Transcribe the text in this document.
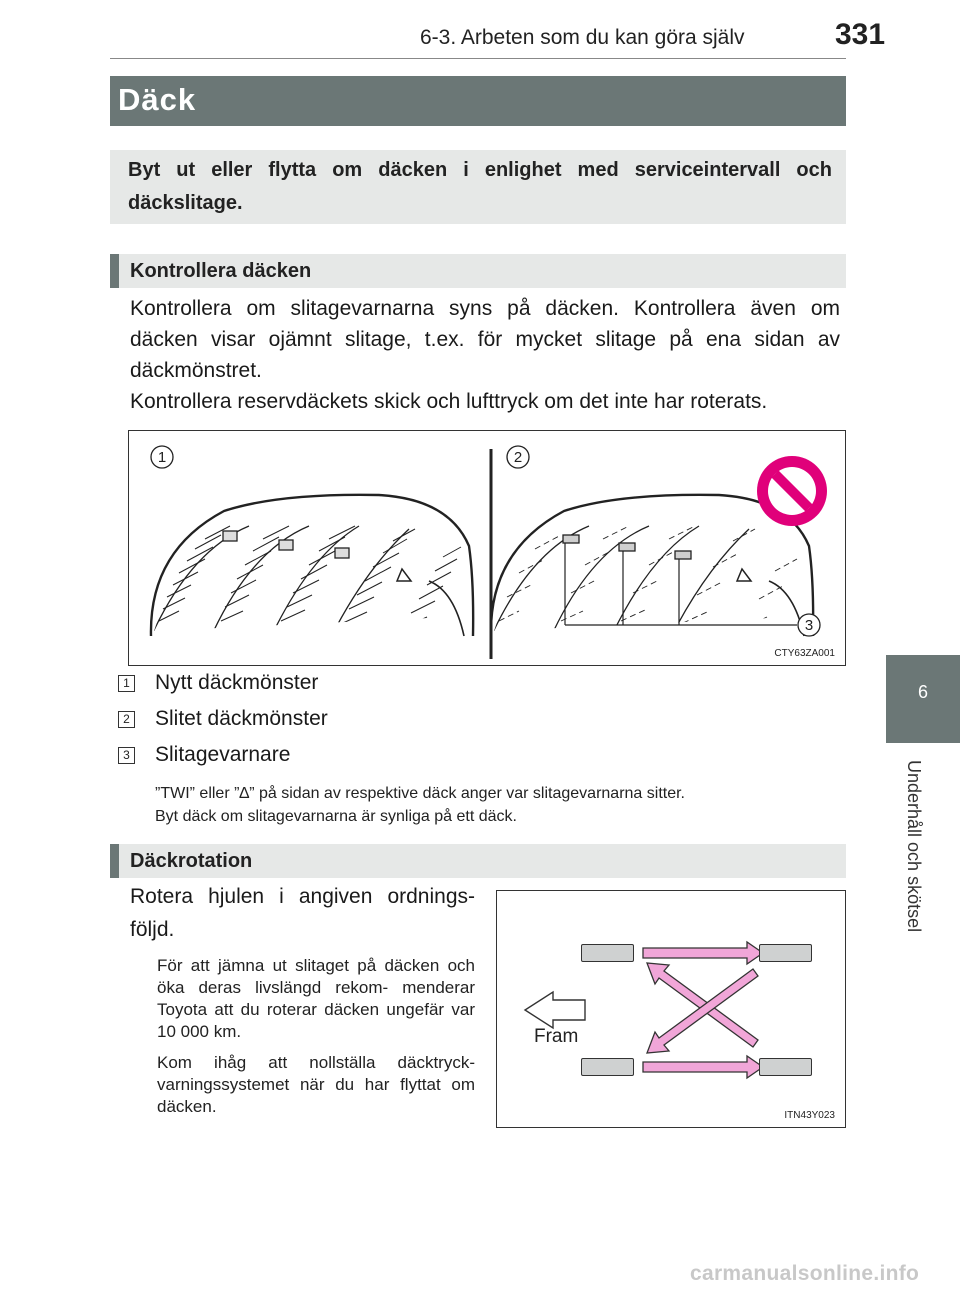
6-3. Arbeten som du kan göra själv	331
6
Underhåll och skötsel
Däck
Byt ut eller flytta om däcken i enlighet med serviceintervall och däckslitage.
Kontrollera däcken
Kontrollera om slitagevarnarna syns på däcken. Kontrollera även om däcken visar ojämnt slitage, t.ex. för mycket slitage på ena sidan av däckmönstret.
Kontrollera reservdäckets skick och lufttryck om det inte har roterats.
1	2
3
CTY63ZA001
1 Nytt däckmönster
2 Slitet däckmönster
3 Slitagevarnare
”TWI” eller ”∆” på sidan av respektive däck anger var slitagevarnarna sitter.
Byt däck om slitagevarnarna är synliga på ett däck.
Däckrotation
Rotera hjulen i angiven ordnings- följd.
För att jämna ut slitaget på däcken och öka deras livslängd rekom- menderar Toyota att du roterar däcken ungefär var 10 000 km.
Kom ihåg att nollställa däcktryck- varningssystemet när du har flyttat om däcken.
Fram
ITN43Y023
carmanualsonline.info
